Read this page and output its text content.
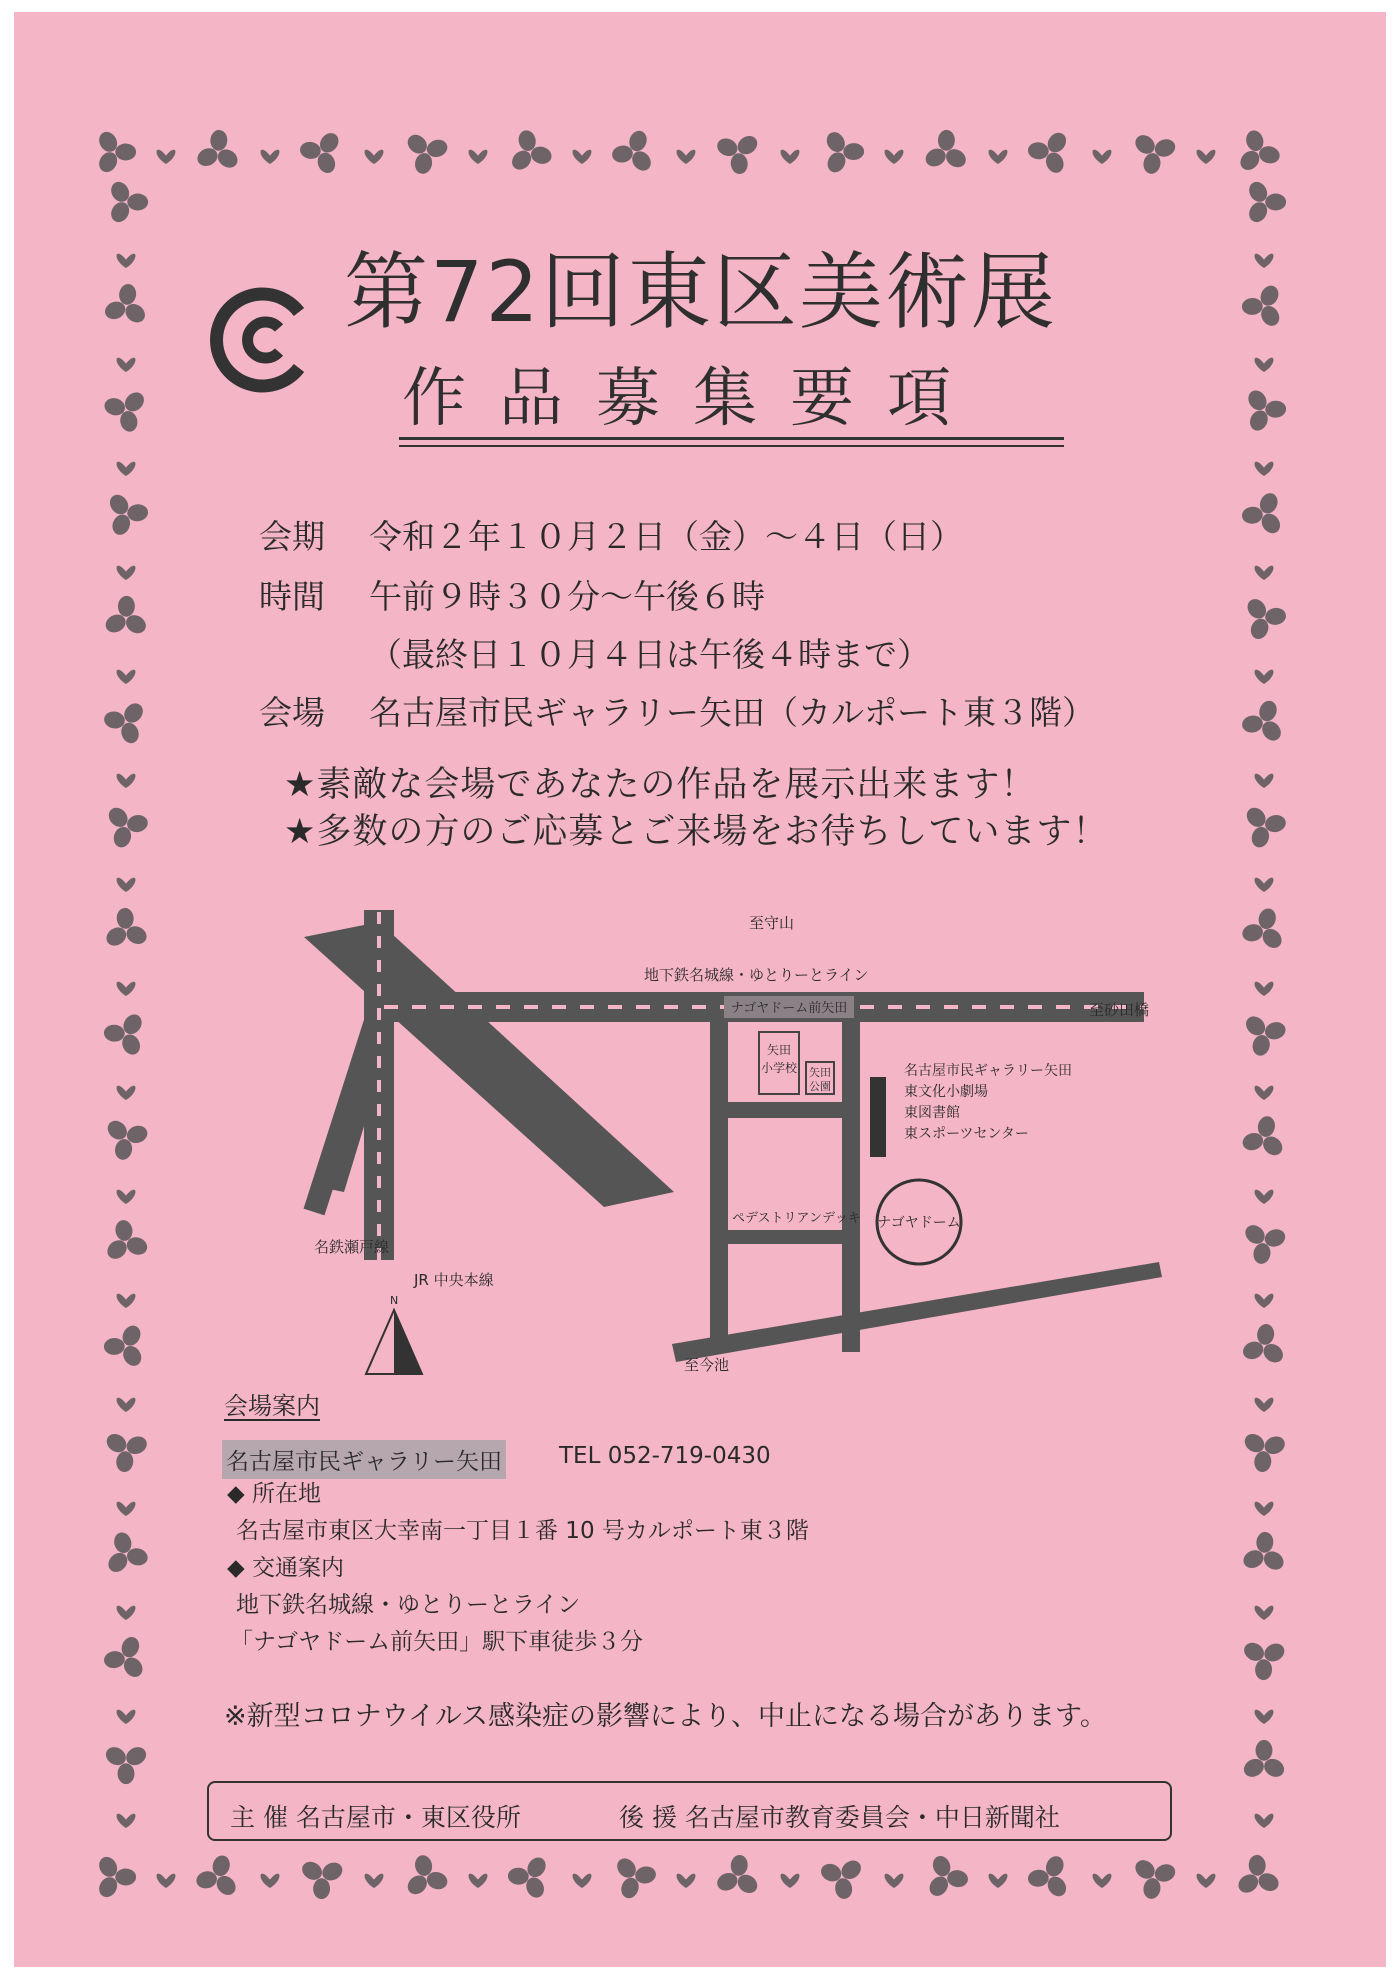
第72回東区美術展
作品募集要項
会期 令和２年１０月２日（金）～４日（日）
時間 午前９時３０分～午後６時
（最終日１０月４日は午後４時まで）
会場 名古屋市民ギャラリー矢田（カルポート東３階）
★素敵な会場であなたの作品を展示出来ます！
★多数の方のご応募とご来場をお待ちしています！
ナゴヤドーム前矢田
矢田
小学校 矢田
公園
ナゴヤドーム
至守山
地下鉄名城線・ゆとりーとライン
至砂田橋
名古屋市民ギャラリー矢田
東文化小劇場
東図書館
東スポーツセンター
ペデストリアンデッキ
名鉄瀬戸線
JR 中央本線
至今池
N
会場案内
名古屋市民ギャラリー矢田 TEL 052-719-0430
◆ 所在地
名古屋市東区大幸南一丁目１番 10 号カルポート東３階
◆ 交通案内
地下鉄名城線・ゆとりーとライン
「ナゴヤドーム前矢田」駅下車徒歩３分
※新型コロナウイルス感染症の影響により、中止になる場合があります。
主 催 名古屋市・東区役所	後 援 名古屋市教育委員会・中日新聞社
